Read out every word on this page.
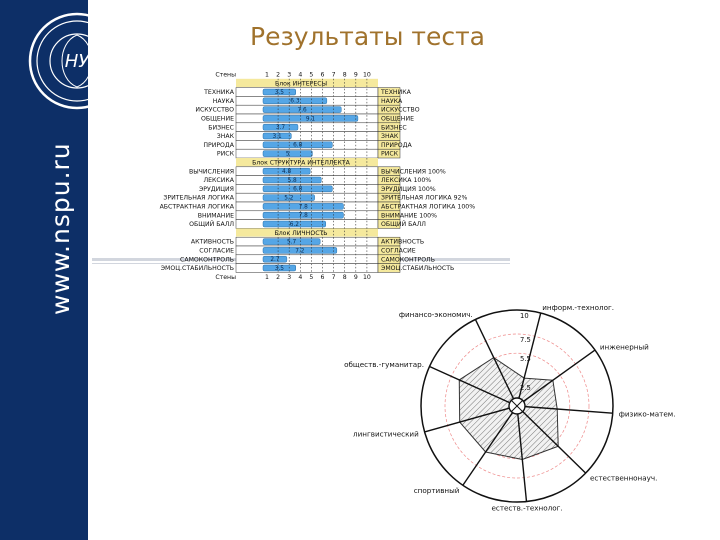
НУ
www.nspu.ru
Результаты теста
Стены	1 2 3 4 5 6 7 8 9 10
Блок ИНТЕРЕСЫ
ТЕХНИКА	3.5	ТЕХНИКА
НАУКА	6.3	НАУКА
ИСКУССТВО	7.6	ИСКУССТВО
ОБЩЕНИЕ	9.1	ОБЩЕНИЕ
БИЗНЕС	3.7	БИЗНЕС
ЗНАК	3.1	ЗНАК
ПРИРОДА	6.8	ПРИРОДА
РИСК	5	РИСК
Блок СТРУКТУРА ИНТЕЛЛЕКТА
ВЫЧИСЛЕНИЯ	4.8	ВЫЧИСЛЕНИЯ 100%
ЛЕКСИКА	5.8	ЛЕКСИКА 100%
ЭРУДИЦИЯ	6.8	ЭРУДИЦИЯ 100%
ЗРИТЕЛЬНАЯ ЛОГИКА	5.2	ЗРИТЕЛЬНАЯ ЛОГИКА 92%
АБСТРАКТНАЯ ЛОГИКА	7.8	АБСТРАКТНАЯ ЛОГИКА 100%
ВНИМАНИЕ	7.8	ВНИМАНИЕ 100%
ОБЩИЙ БАЛЛ	6.2	ОБЩИЙ БАЛЛ
Блок ЛИЧНОСТЬ
АКТИВНОСТЬ	5.7	АКТИВНОСТЬ
СОГЛАСИЕ	7.2	СОГЛАСИЕ
САМОКОНТРОЛЬ	2.7	САМОКОНТРОЛЬ
ЭМОЦ.СТАБИЛЬНОСТЬ	3.5	ЭМОЦ.СТАБИЛЬНОСТЬ
Стены	1 2 3 4 5 6 7 8 9 10
информ.-технолог.
инженерный
физико-матем.
естественнонауч.
естеств.-технолог.
спортивный
лингвистический
обществ.-гуманитар.
финансо-экономич.	10
7.5
5.5
2.5
